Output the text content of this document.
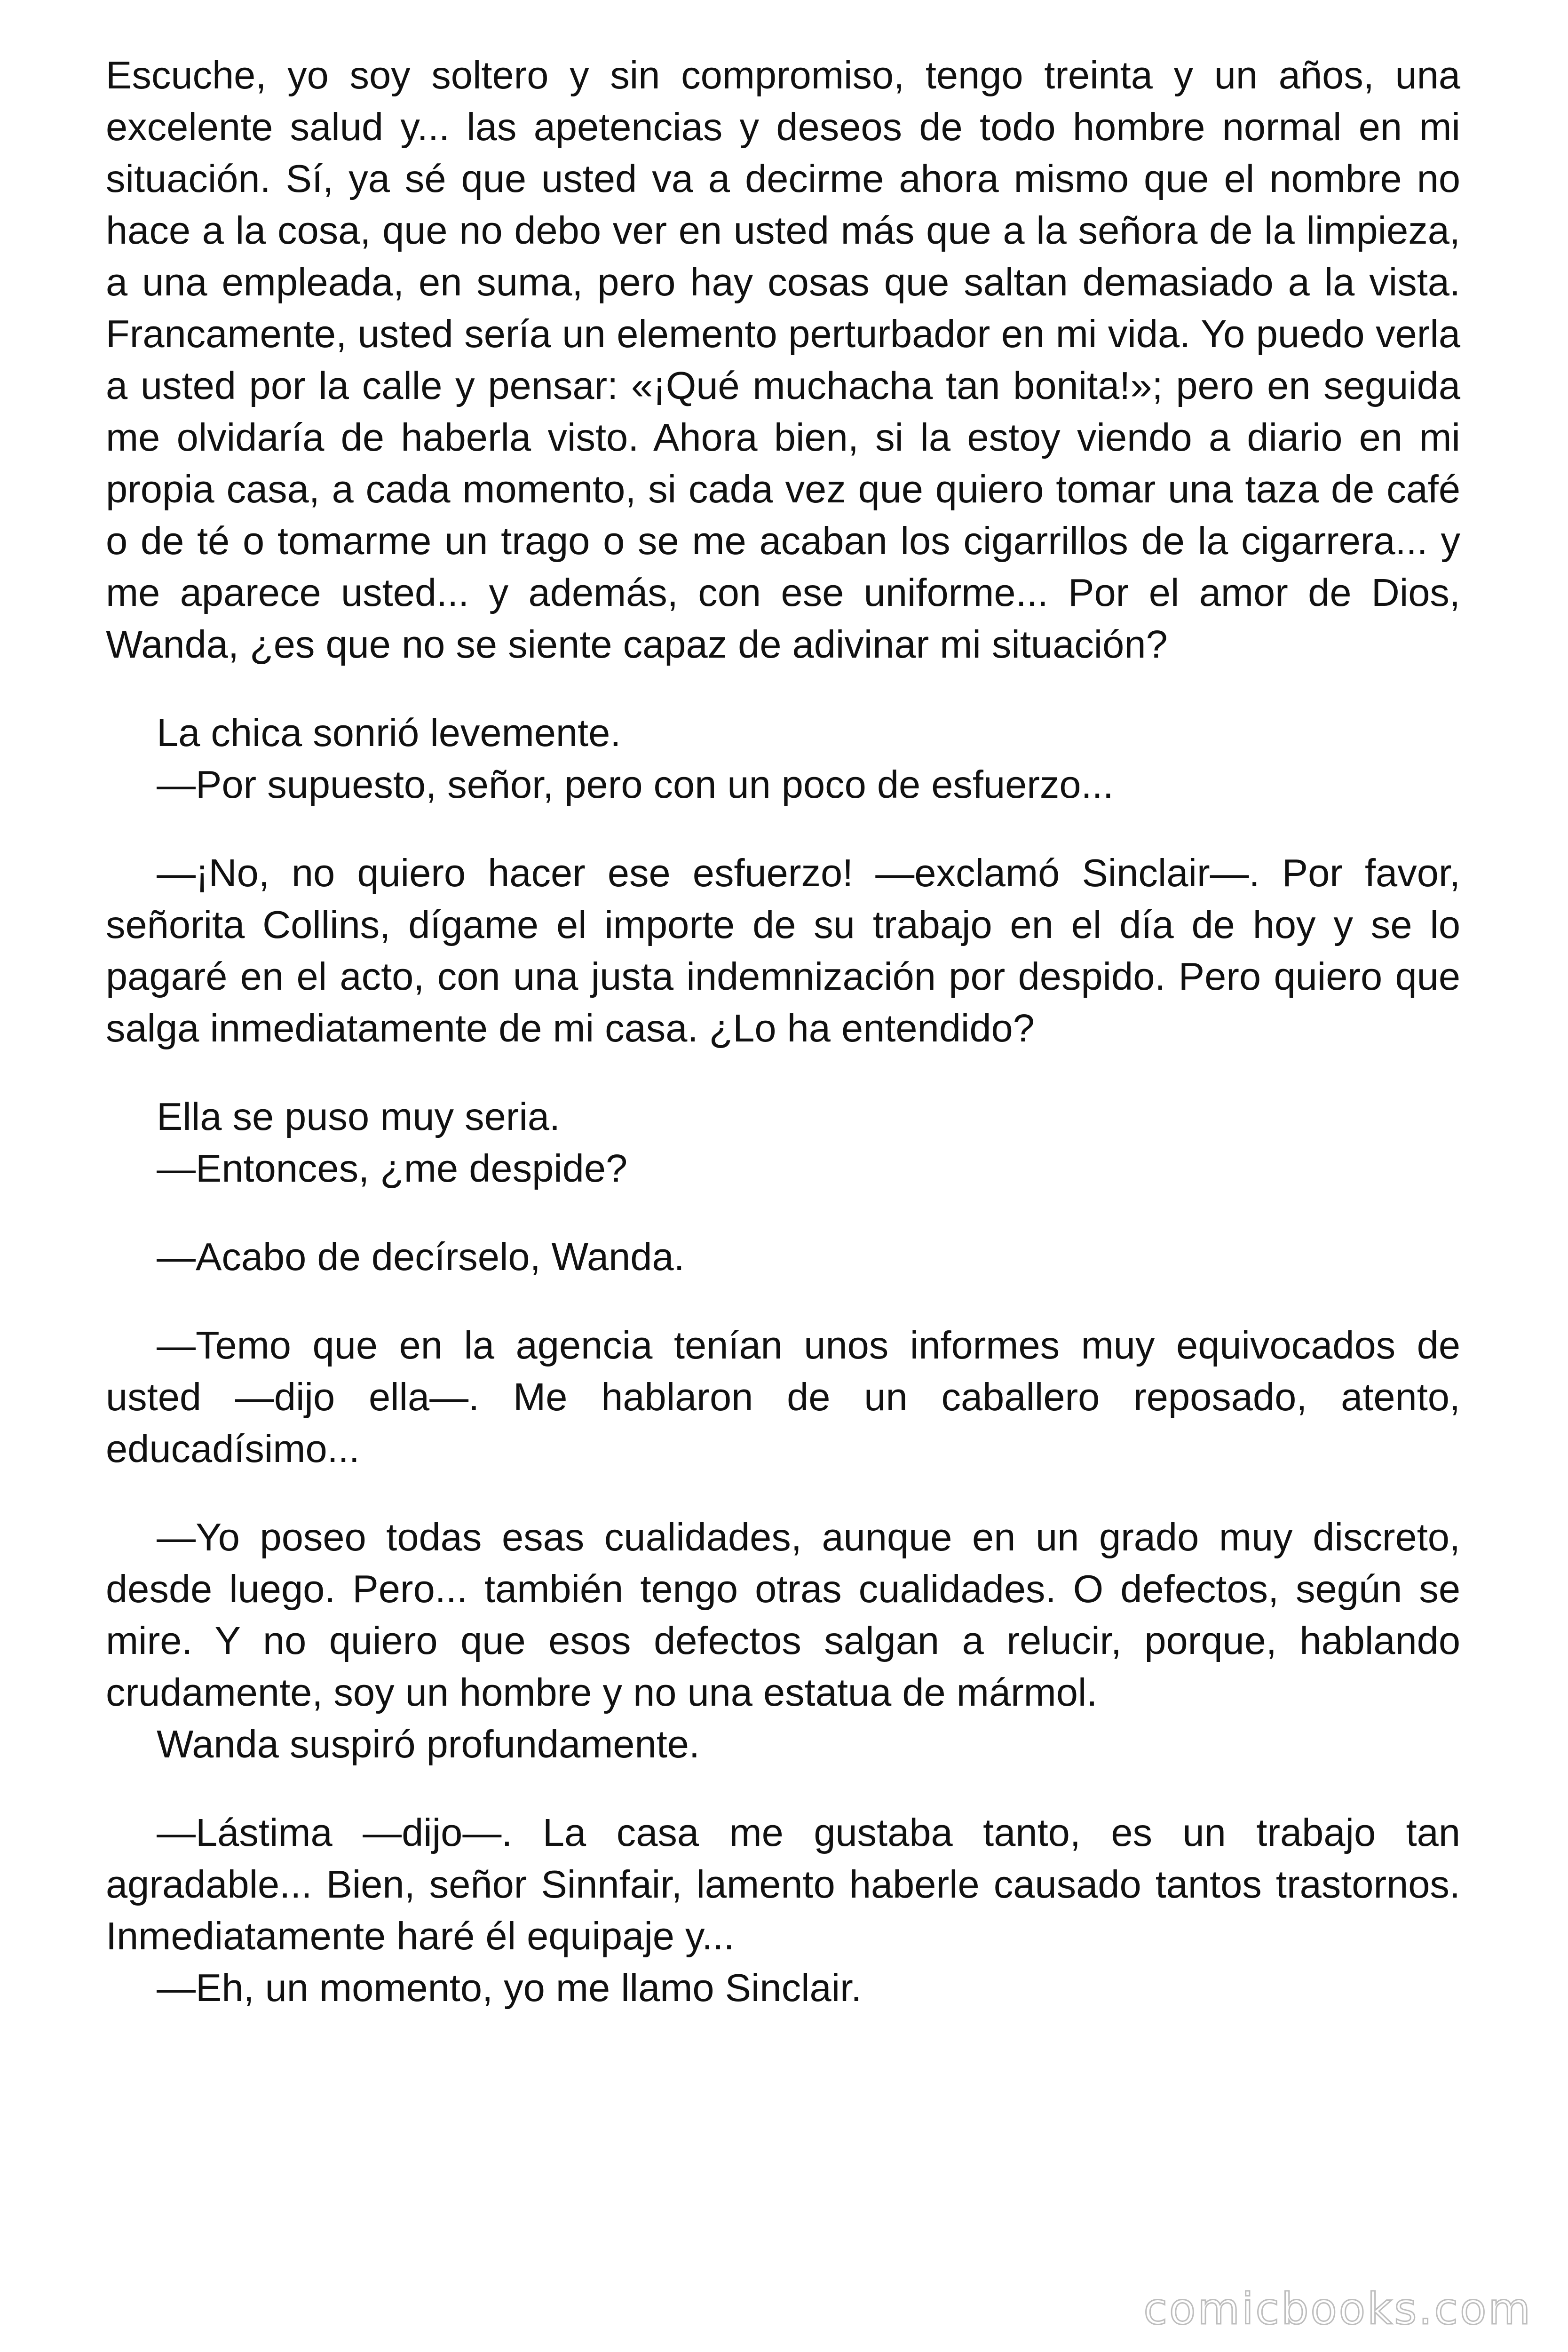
Escuche, yo soy soltero y sin compromiso, tengo treinta y un años, una excelente salud y... las apetencias y deseos de todo hombre normal en mi situación. Sí, ya sé que usted va a decirme ahora mismo que el nombre no hace a la cosa, que no debo ver en usted más que a la señora de la limpieza, a una empleada, en suma, pero hay cosas que saltan demasiado a la vista. Francamente, usted sería un elemento perturbador en mi vida. Yo puedo verla a usted por la calle y pensar: «¡Qué muchacha tan bonita!»; pero en seguida me olvidaría de haberla visto. Ahora bien, si la estoy viendo a diario en mi propia casa, a cada momento, si cada vez que quiero tomar una taza de café o de té o tomarme un trago o se me acaban los cigarrillos de la cigarrera... y me aparece usted... y además, con ese uniforme... Por el amor de Dios, Wanda, ¿es que no se siente capaz de adivinar mi situación?

La chica sonrió levemente.

—Por supuesto, señor, pero con un poco de esfuerzo...

—¡No, no quiero hacer ese esfuerzo! —exclamó Sinclair—. Por favor, señorita Collins, dígame el importe de su trabajo en el día de hoy y se lo pagaré en el acto, con una justa indemnización por despido. Pero quiero que salga inmediatamente de mi casa. ¿Lo ha entendido?

Ella se puso muy seria.

—Entonces, ¿me despide?

—Acabo de decírselo, Wanda.

—Temo que en la agencia tenían unos informes muy equivocados de usted —dijo ella—. Me hablaron de un caballero reposado, atento, educadísimo...

—Yo poseo todas esas cualidades, aunque en un grado muy discreto, desde luego. Pero... también tengo otras cualidades. O defectos, según se mire. Y no quiero que esos defectos salgan a relucir, porque, hablando crudamente, soy un hombre y no una estatua de mármol.

Wanda suspiró profundamente.

—Lástima —dijo—. La casa me gustaba tanto, es un trabajo tan agradable... Bien, señor Sinnfair, lamento haberle causado tantos trastornos. Inmediatamente haré él equipaje y...

—Eh, un momento, yo me llamo Sinclair.

comicbooks.com
